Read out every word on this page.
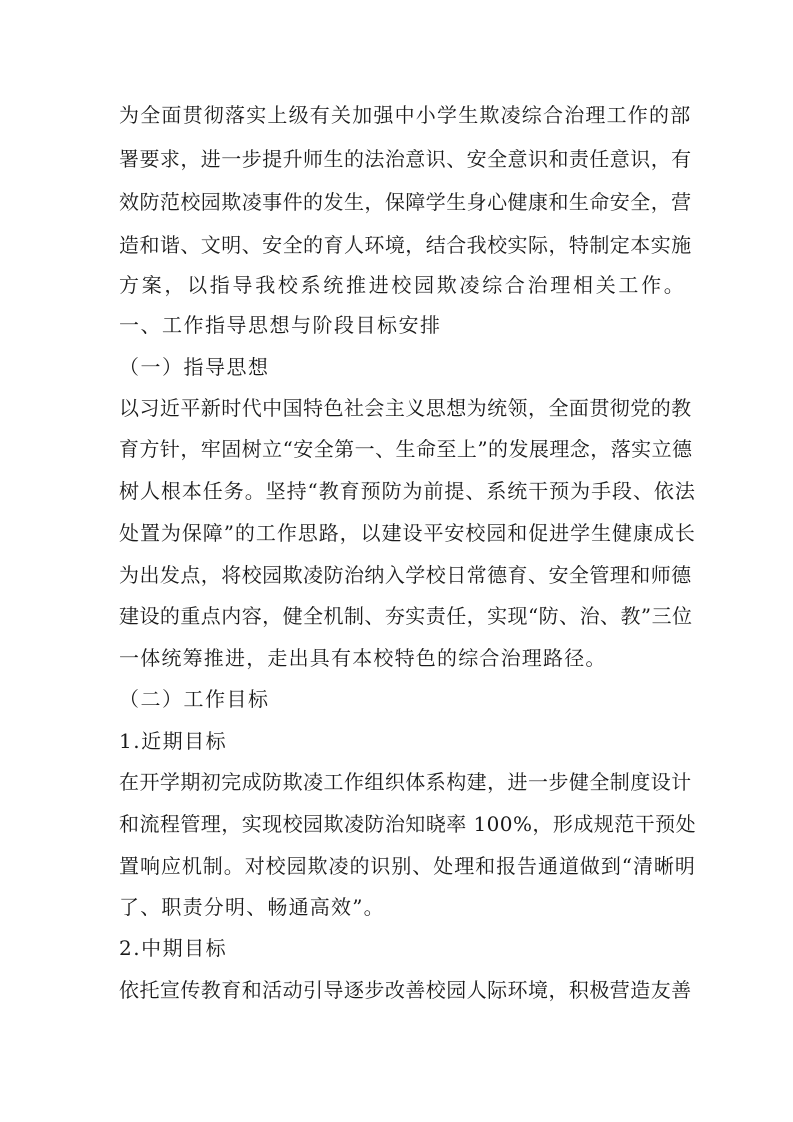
为全面贯彻落实上级有关加强中小学生欺凌综合治理工作的部
署要求，进一步提升师生的法治意识、安全意识和责任意识，有
效防范校园欺凌事件的发生，保障学生身心健康和生命安全，营
造和谐、文明、安全的育人环境，结合我校实际，特制定本实施
方案，以指导我校系统推进校园欺凌综合治理相关工作。
一、工作指导思想与阶段目标安排
（一）指导思想
以习近平新时代中国特色社会主义思想为统领，全面贯彻党的教
育方针，牢固树立“安全第一、生命至上”的发展理念，落实立德
树人根本任务。坚持“教育预防为前提、系统干预为手段、依法
处置为保障”的工作思路，以建设平安校园和促进学生健康成长
为出发点，将校园欺凌防治纳入学校日常德育、安全管理和师德
建设的重点内容，健全机制、夯实责任，实现“防、治、教”三位
一体统筹推进，走出具有本校特色的综合治理路径。
（二）工作目标
1.近期目标
在开学期初完成防欺凌工作组织体系构建，进一步健全制度设计
和流程管理，实现校园欺凌防治知晓率 100%，形成规范干预处
置响应机制。对校园欺凌的识别、处理和报告通道做到“清晰明
了、职责分明、畅通高效”。
2.中期目标
依托宣传教育和活动引导逐步改善校园人际环境，积极营造友善
